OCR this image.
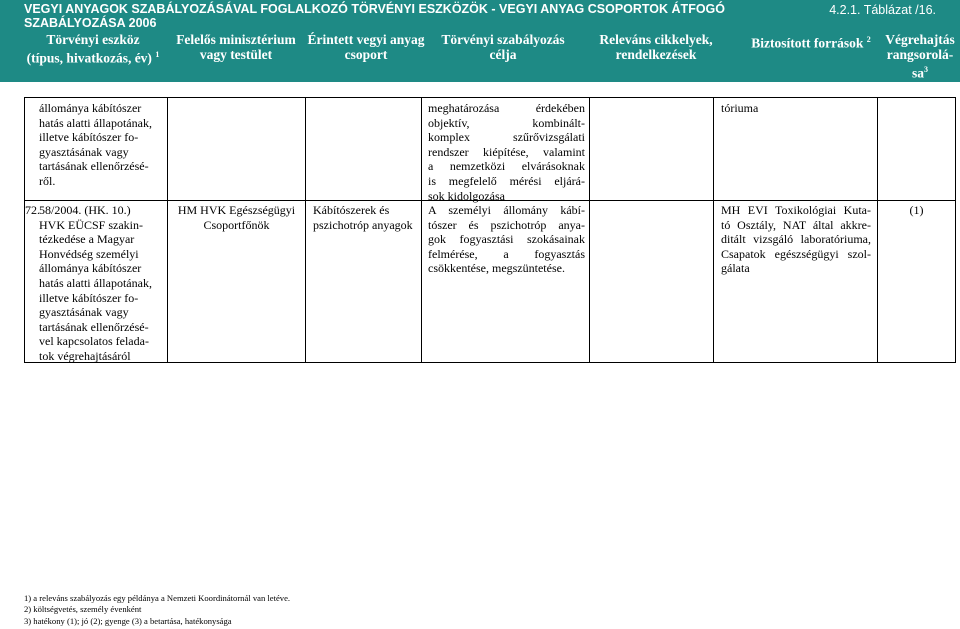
VEGYI ANYAGOK SZABÁLYOZÁSÁVAL FOGLALKOZÓ TÖRVÉNYI ESZKÖZÖK - VEGYI ANYAG CSOPORTOK ÁTFOGÓ SZABÁLYOZÁSA 2006
4.2.1. Táblázat /16.
Törvényi eszköz
(típus, hivatkozás, év) $^1$
Felelős minisztérium
vagy testület
Érintett vegyi anyag
csoport
Törvényi szabályozás
célja
Releváns cikkelyek,
rendelkezések
Biztosított források $^2$	Végrehajtás
rangsorolá-
$sa^3$
állománya kábítószer
hatás alatti állapotának,
illetve kábítószer fo-
gyasztásának vagy
tartásának ellenőrzésé-
ről.
meghatározása érdekében
objektív, kombinált-
komplex szűrővizsgálati
rendszer kiépítése, valamint
a nemzetközi elvárásoknak
is megfelelő mérési eljárá-
sok kidolgozása
tóriuma
72. 58/2004. (HK. 10.)
HVK EÜCSF szakin-
tézkedése a Magyar
Honvédség személyi
állománya kábítószer
hatás alatti állapotának,
illetve kábítószer fo-
gyasztásának vagy
tartásának ellenőrzésé-
vel kapcsolatos felada-
tok végrehajtásáról
HM HVK Egészségügyi
Csoportfőnök
Kábítószerek és
pszichotróp anyagok
A személyi állomány kábí-
tószer és pszichotróp anya-
gok fogyasztási szokásainak
felmérése, a fogyasztás
csökkentése, megszüntetése.
MH EVI Toxikológiai Kuta-
tó Osztály, NAT által akkre-
ditált vizsgáló laboratóriuma,
Csapatok egészségügyi szol-
gálata
(1)
1) a releváns szabályozás egy példánya a Nemzeti Koordinátornál van letéve.
2) költségvetés, személy évenként
3) hatékony (1); jó (2); gyenge (3) a betartása, hatékonysága
